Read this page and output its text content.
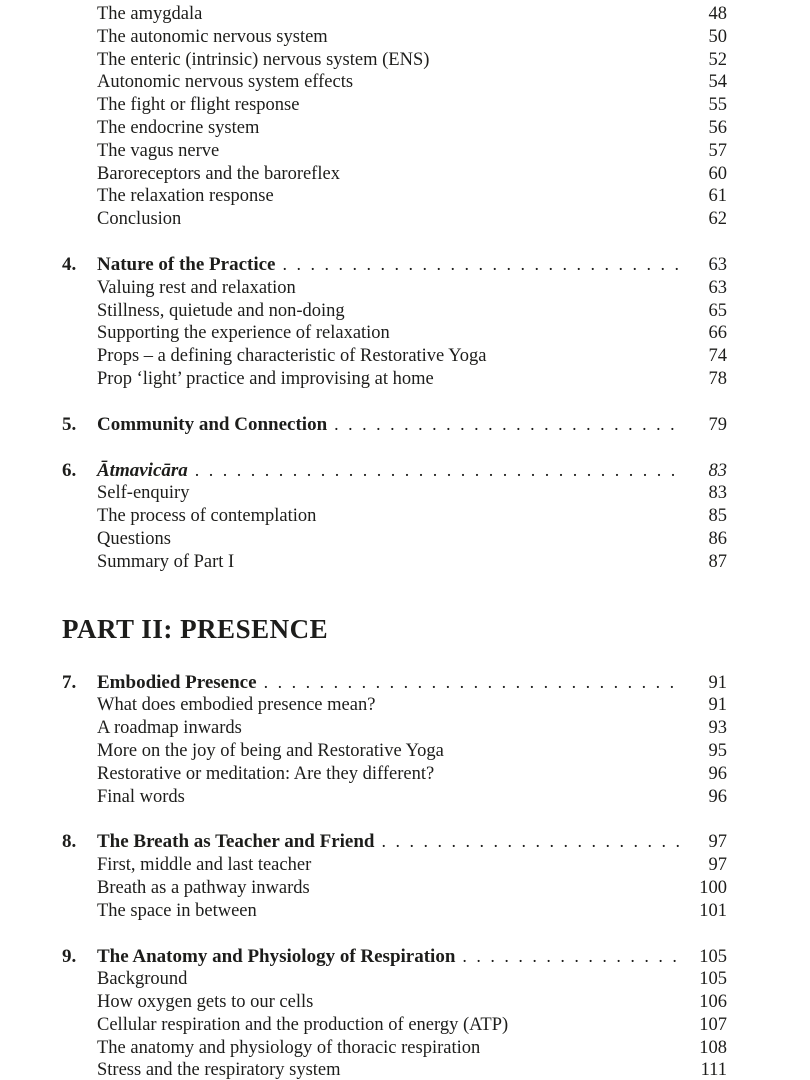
The amygdala	48
The autonomic nervous system	50
The enteric (intrinsic) nervous system (ENS)	52
Autonomic nervous system effects	54
The fight or flight response	55
The endocrine system	56
The vagus nerve	57
Baroreceptors and the baroreflex	60
The relaxation response	61
Conclusion	62
4.	Nature of the Practice .....	63
Valuing rest and relaxation	63
Stillness, quietude and non-doing	65
Supporting the experience of relaxation	66
Props – a defining characteristic of Restorative Yoga	74
Prop ‘light’ practice and improvising at home	78
5.	Community and Connection .....	79
6.	Ātmavicāra .....	83
Self-enquiry	83
The process of contemplation	85
Questions	86
Summary of Part I	87
PART II: PRESENCE
7.	Embodied Presence .....	91
What does embodied presence mean?	91
A roadmap inwards	93
More on the joy of being and Restorative Yoga	95
Restorative or meditation: Are they different?	96
Final words	96
8.	The Breath as Teacher and Friend .....	97
First, middle and last teacher	97
Breath as a pathway inwards	100
The space in between	101
9.	The Anatomy and Physiology of Respiration .....	105
Background	105
How oxygen gets to our cells	106
Cellular respiration and the production of energy (ATP)	107
The anatomy and physiology of thoracic respiration	108
Stress and the respiratory system	111
